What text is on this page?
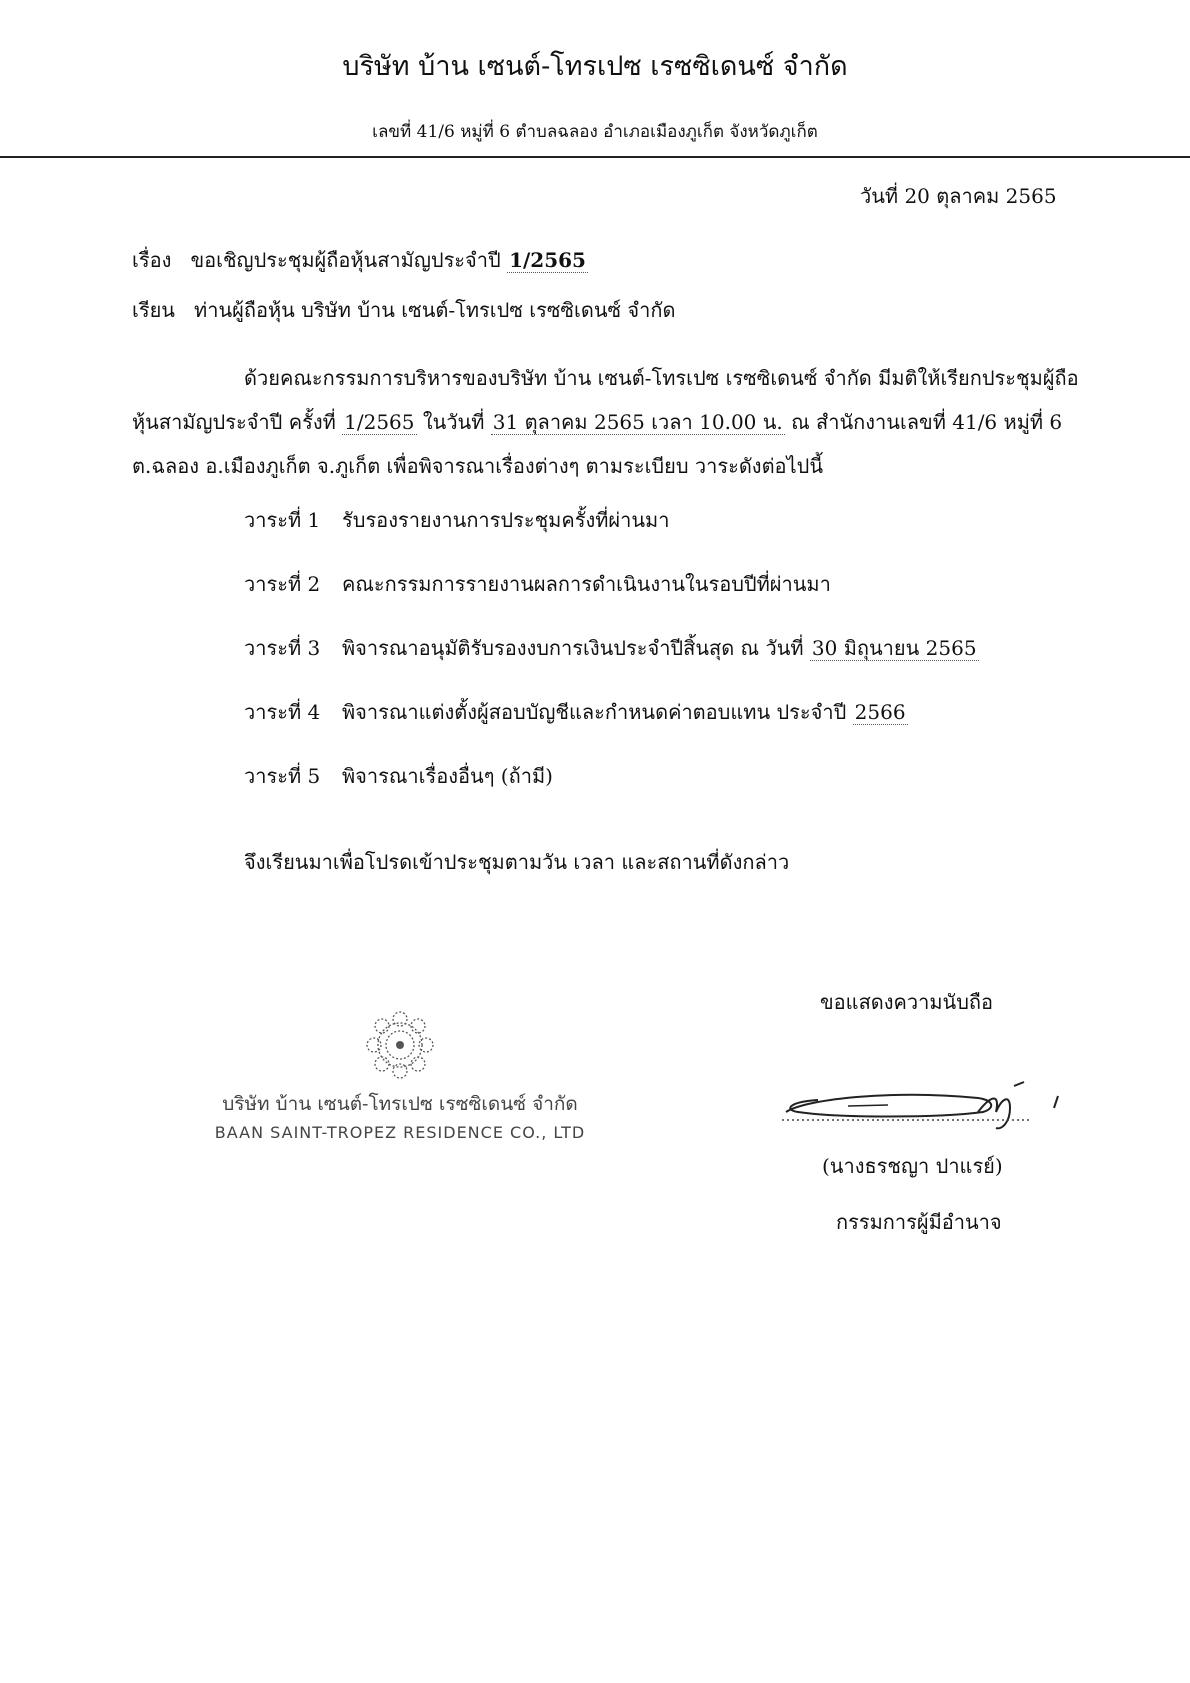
บริษัท บ้าน เซนต์-โทรเปซ เรซซิเดนซ์ จำกัด
เลขที่ 41/6 หมู่ที่ 6 ตำบลฉลอง อำเภอเมืองภูเก็ต จังหวัดภูเก็ต
วันที่ 20 ตุลาคม 2565
เรื่อง ขอเชิญประชุมผู้ถือหุ้นสามัญประจำปี 1/2565
เรียน ท่านผู้ถือหุ้น บริษัท บ้าน เซนต์-โทรเปซ เรซซิเดนซ์ จำกัด
ด้วยคณะกรรมการบริหารของบริษัท บ้าน เซนต์-โทรเปซ เรซซิเดนซ์ จำกัด มีมติให้เรียกประชุมผู้ถือ
หุ้นสามัญประจำปี ครั้งที่ 1/2565 ในวันที่ 31 ตุลาคม 2565 เวลา 10.00 น. ณ สำนักงานเลขที่ 41/6 หมู่ที่ 6
ต.ฉลอง อ.เมืองภูเก็ต จ.ภูเก็ต เพื่อพิจารณาเรื่องต่างๆ ตามระเบียบ วาระดังต่อไปนี้
วาระที่ 1 รับรองรายงานการประชุมครั้งที่ผ่านมา
วาระที่ 2 คณะกรรมการรายงานผลการดำเนินงานในรอบปีที่ผ่านมา
วาระที่ 3 พิจารณาอนุมัติรับรองงบการเงินประจำปีสิ้นสุด ณ วันที่ 30 มิถุนายน 2565
วาระที่ 4 พิจารณาแต่งตั้งผู้สอบบัญชีและกำหนดค่าตอบแทน ประจำปี 2566
วาระที่ 5 พิจารณาเรื่องอื่นๆ (ถ้ามี)
จึงเรียนมาเพื่อโปรดเข้าประชุมตามวัน เวลา และสถานที่ดังกล่าว
ขอแสดงความนับถือ
บริษัท บ้าน เซนต์-โทรเปซ เรซซิเดนซ์ จำกัด
BAAN SAINT-TROPEZ RESIDENCE CO., LTD
(นางธรชญา ปาแรย์)
กรรมการผู้มีอำนาจ
